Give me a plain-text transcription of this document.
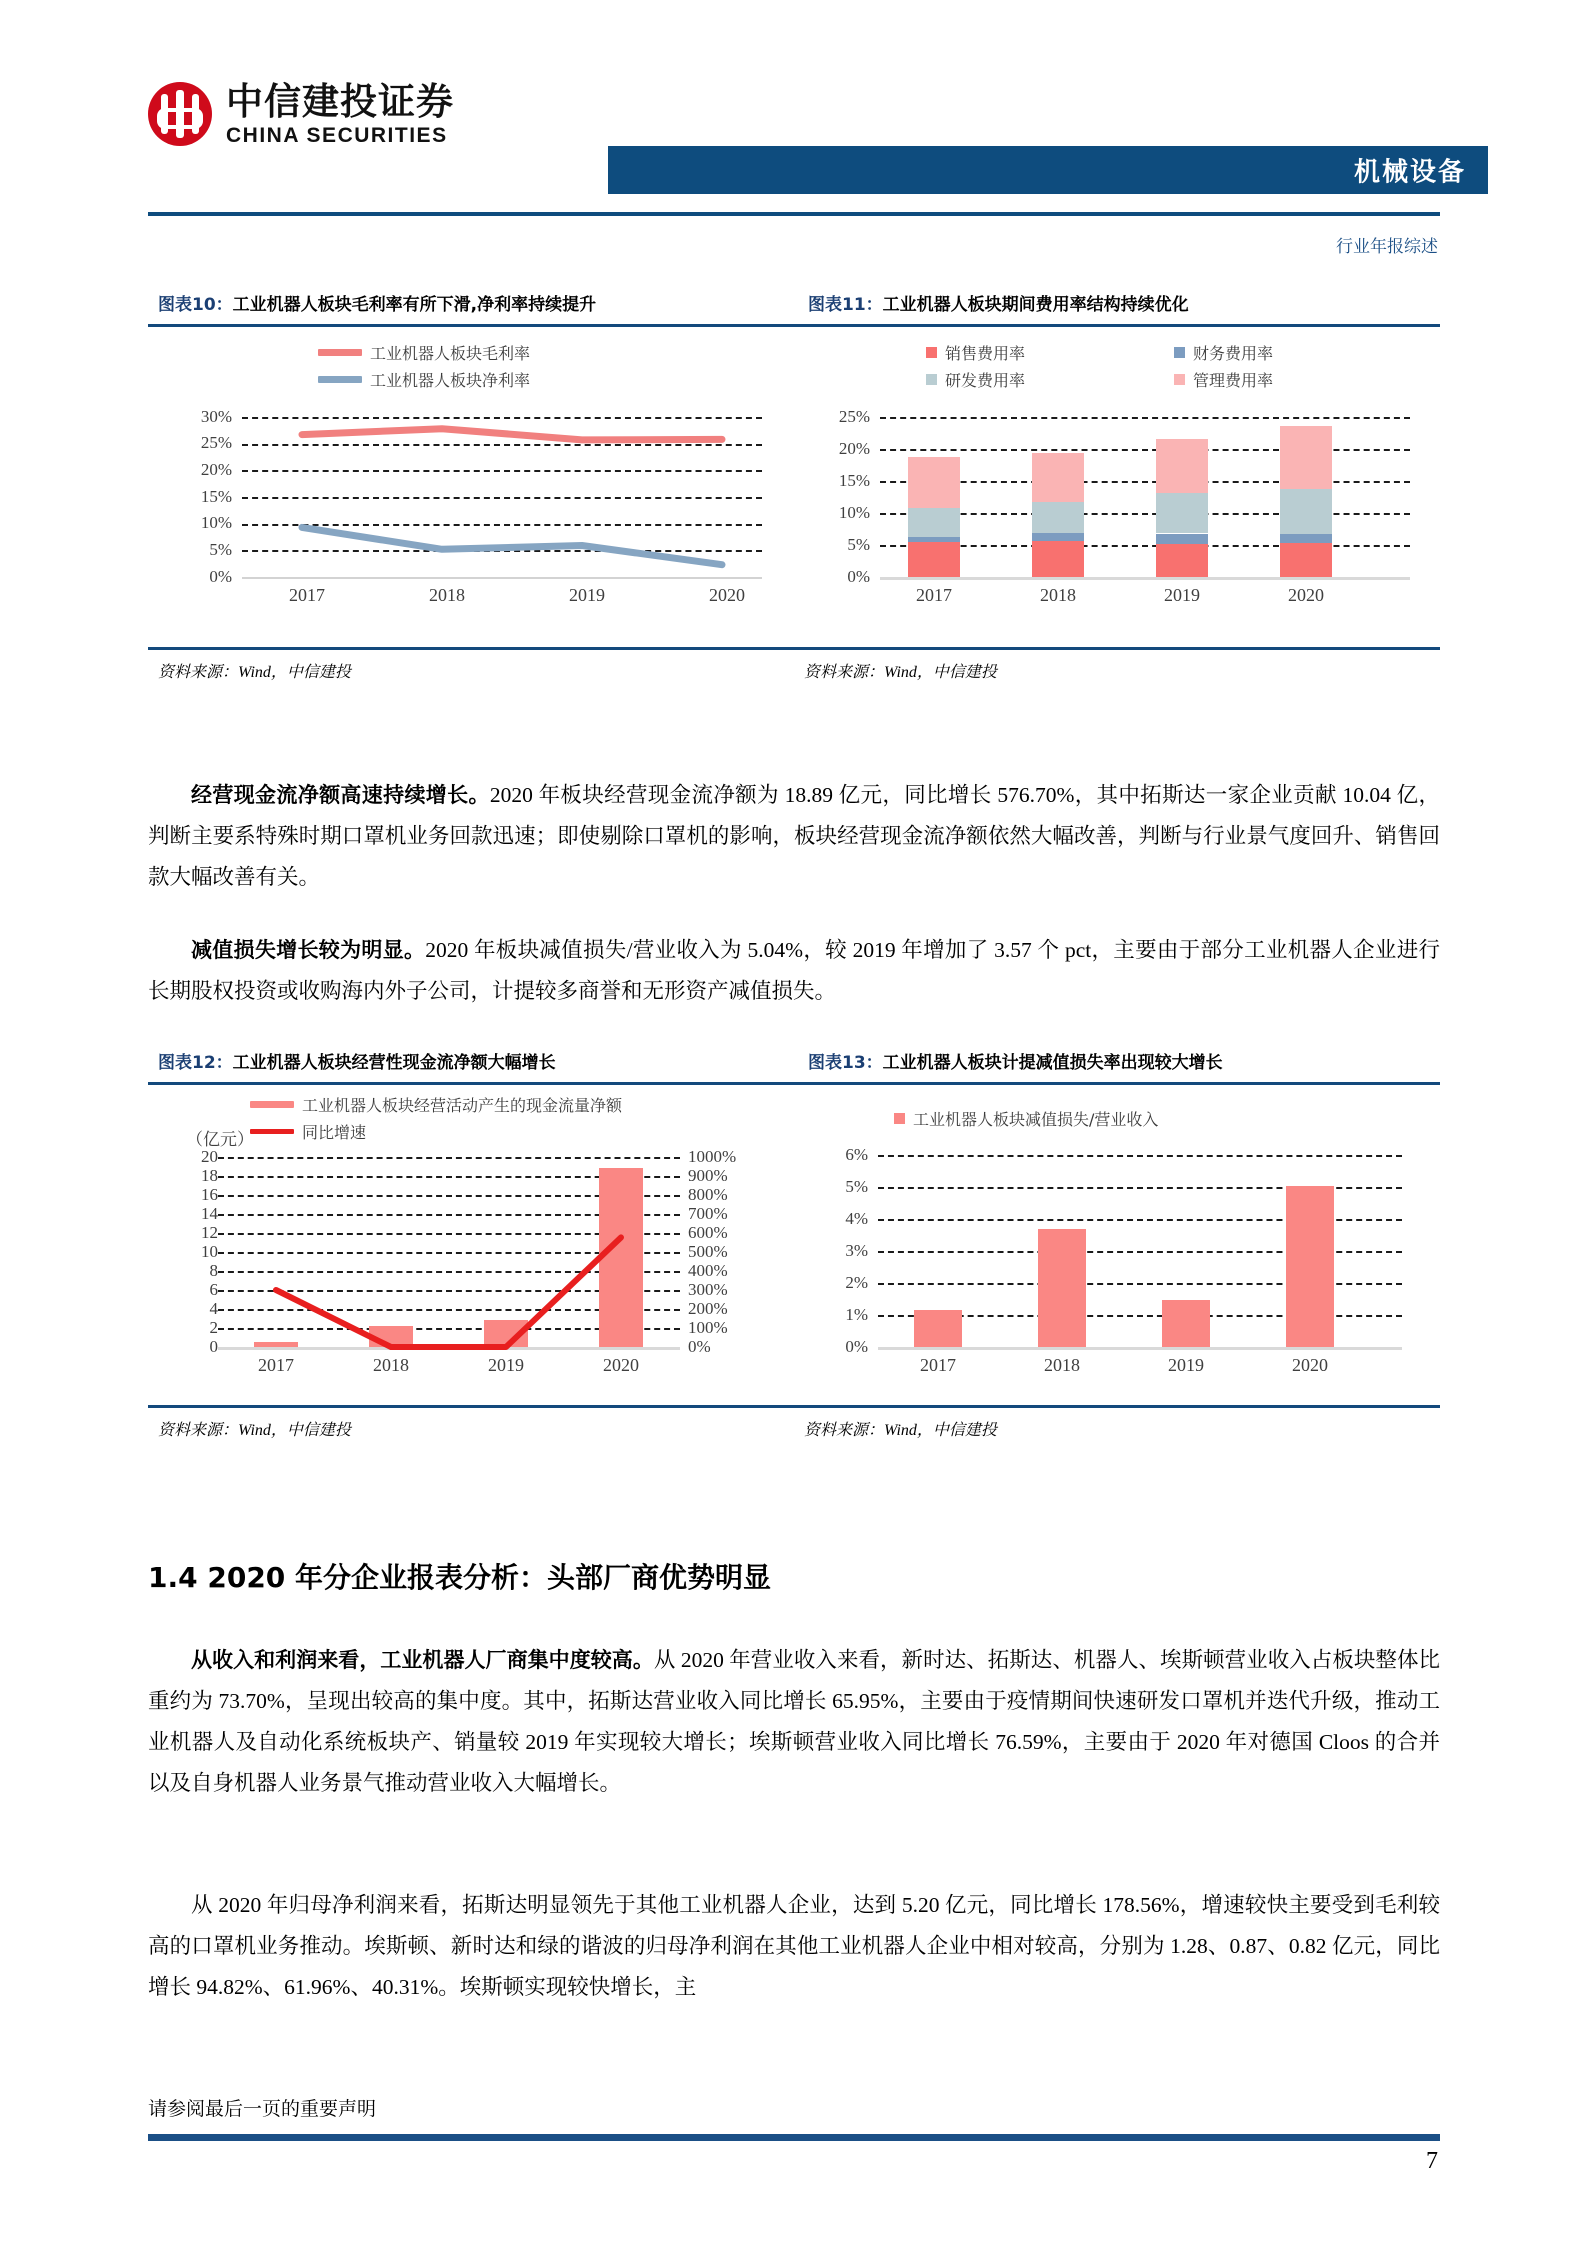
中信建投证券
CHINA SECURITIES
机械设备
行业年报综述
图表10：工业机器人板块毛利率有所下滑,净利率持续提升	图表11：工业机器人板块期间费用率结构持续优化
工业机器人板块毛利率
工业机器人板块净利率
30%
25%
20%
15%
10%
5%
0%
2017	2018	2019	2020
销售费用率
研发费用率
财务费用率
管理费用率
25%
20%
15%
10%
5%
0%
2017	2018	2019	2020
资料来源：Wind，中信建投	资料来源：Wind，中信建投
经营现金流净额高速持续增长。2020 年板块经营现金流净额为 18.89 亿元，同比增长 576.70%，其中拓斯达一家企业贡献 10.04 亿，判断主要系特殊时期口罩机业务回款迅速；即使剔除口罩机的影响，板块经营现金流净额依然大幅改善，判断与行业景气度回升、销售回款大幅改善有关。
减值损失增长较为明显。2020 年板块减值损失/营业收入为 5.04%，较 2019 年增加了 3.57 个 pct，主要由于部分工业机器人企业进行长期股权投资或收购海内外子公司，计提较多商誉和无形资产减值损失。
图表12：工业机器人板块经营性现金流净额大幅增长	图表13：工业机器人板块计提减值损失率出现较大增长
工业机器人板块经营活动产生的现金流量净额
同比增速
（亿元）
20
18
16
14
12
10
8
6
4
2
0
1000%
900%
800%
700%
600%
500%
400%
300%
200%
100%
0%
2017	2018	2019	2020
工业机器人板块减值损失/营业收入
6%
5%
4%
3%
2%
1%
0%
2017	2018	2019	2020
资料来源：Wind，中信建投	资料来源：Wind，中信建投
1.4 2020 年分企业报表分析：头部厂商优势明显
从收入和利润来看，工业机器人厂商集中度较高。从 2020 年营业收入来看，新时达、拓斯达、机器人、埃斯顿营业收入占板块整体比重约为 73.70%，呈现出较高的集中度。其中，拓斯达营业收入同比增长 65.95%，主要由于疫情期间快速研发口罩机并迭代升级，推动工业机器人及自动化系统板块产、销量较 2019 年实现较大增长；埃斯顿营业收入同比增长 76.59%，主要由于 2020 年对德国 Cloos 的合并以及自身机器人业务景气推动营业收入大幅增长。
从 2020 年归母净利润来看，拓斯达明显领先于其他工业机器人企业，达到 5.20 亿元，同比增长 178.56%，增速较快主要受到毛利较高的口罩机业务推动。埃斯顿、新时达和绿的谐波的归母净利润在其他工业机器人企业中相对较高，分别为 1.28、0.87、0.82 亿元，同比增长 94.82%、61.96%、40.31%。埃斯顿实现较快增长，主
请参阅最后一页的重要声明
7
